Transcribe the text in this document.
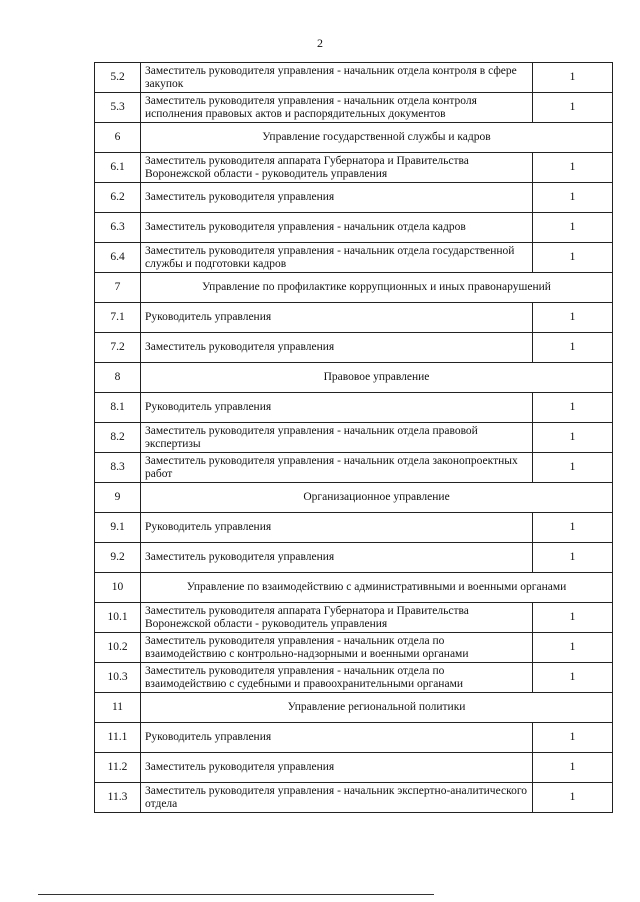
2
5.2	Заместитель руководителя управления - начальник отдела контроля в сфере закупок	1
5.3	Заместитель руководителя управления - начальник отдела контроля исполнения правовых актов и распорядительных документов	1
6	Управление государственной службы и кадров	
6.1	Заместитель руководителя аппарата Губернатора и Правительства Воронежской области - руководитель управления	1
6.2	Заместитель руководителя управления	1
6.3	Заместитель руководителя управления - начальник отдела кадров	1
6.4	Заместитель руководителя управления - начальник отдела государственной службы и подготовки кадров	1
7	Управление по профилактике коррупционных и иных правонарушений	
7.1	Руководитель управления	1
7.2	Заместитель руководителя управления	1
8	Правовое управление	
8.1	Руководитель управления	1
8.2	Заместитель руководителя управления - начальник отдела правовой экспертизы	1
8.3	Заместитель руководителя управления - начальник отдела законопроектных работ	1
9	Организационное управление	
9.1	Руководитель управления	1
9.2	Заместитель руководителя управления	1
10	Управление по взаимодействию с административными и военными органами	
10.1	Заместитель руководителя аппарата Губернатора и Правительства Воронежской области - руководитель управления	1
10.2	Заместитель руководителя управления - начальник отдела по взаимодействию с контрольно-надзорными и военными органами	1
10.3	Заместитель руководителя управления - начальник отдела по взаимодействию с судебными и правоохранительными органами	1
11	Управление региональной политики	
11.1	Руководитель управления	1
11.2	Заместитель руководителя управления	1
11.3	Заместитель руководителя управления - начальник экспертно-аналитического отдела	1
